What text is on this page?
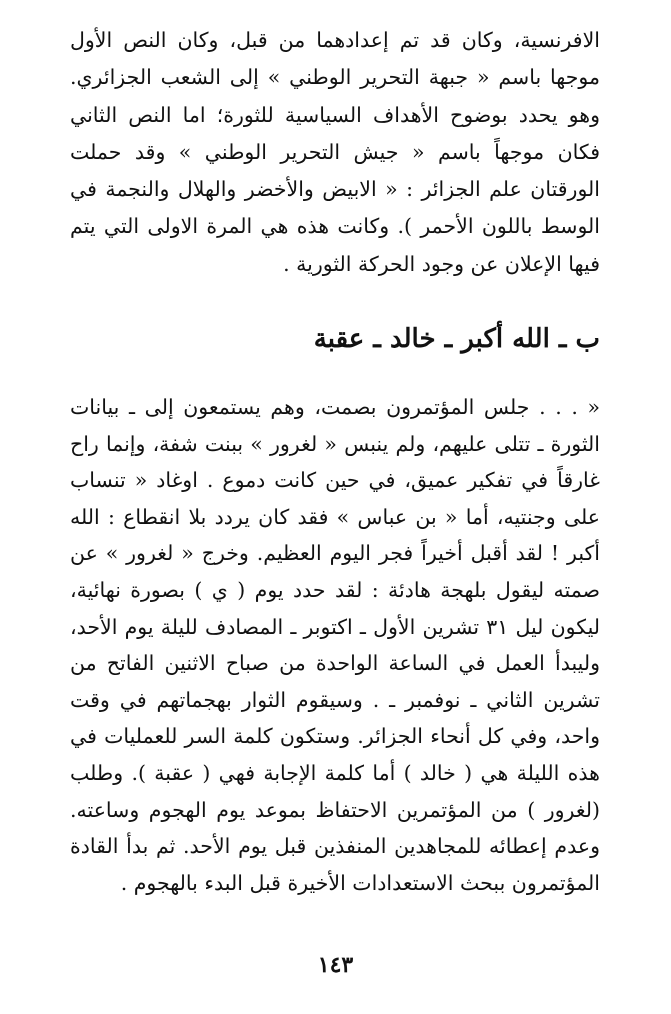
الافرنسية، وكان قد تم إعدادهما من قبل، وكان النص الأول موجها باسم « جبهة التحرير الوطني » إلى الشعب الجزائري. وهو يحدد بوضوح الأهداف السياسية للثورة؛ اما النص الثاني فكان موجهاً باسم « جيش التحرير الوطني » وقد حملت الورقتان علم الجزائر : « الابيض والأخضر والهلال والنجمة في الوسط باللون الأحمر ). وكانت هذه هي المرة الاولى التي يتم فيها الإعلان عن وجود الحركة الثورية .

ب ـ الله أكبر ـ خالد ـ عقبة

« . . . جلس المؤتمرون بصمت، وهم يستمعون إلى ـ بيانات الثورة ـ تتلى عليهم، ولم ينبس « لغرور » ببنت شفة، وإنما راح غارقاً في تفكير عميق، في حين كانت دموع . اوغاد « تنساب على وجنتيه، أما « بن عباس » فقد كان يردد بلا انقطاع : الله أكبر ! لقد أقبل أخيراً فجر اليوم العظيم. وخرج « لغرور » عن صمته ليقول بلهجة هادئة : لقد حدد يوم ( ي ) بصورة نهائية، ليكون ليل ٣١ تشرين الأول ـ اكتوبر ـ المصادف لليلة يوم الأحد، وليبدأ العمل في الساعة الواحدة من صباح الاثنين الفاتح من تشرين الثاني ـ نوفمبر ـ . وسيقوم الثوار بهجماتهم في وقت واحد، وفي كل أنحاء الجزائر. وستكون كلمة السر للعمليات في هذه الليلة هي ( خالد ) أما كلمة الإجابة فهي ( عقبة ). وطلب (لغرور ) من المؤتمرين الاحتفاظ بموعد يوم الهجوم وساعته. وعدم إعطائه للمجاهدين المنفذين قبل يوم الأحد. ثم بدأ القادة المؤتمرون ببحث الاستعدادات الأخيرة قبل البدء بالهجوم .

١٤٣
